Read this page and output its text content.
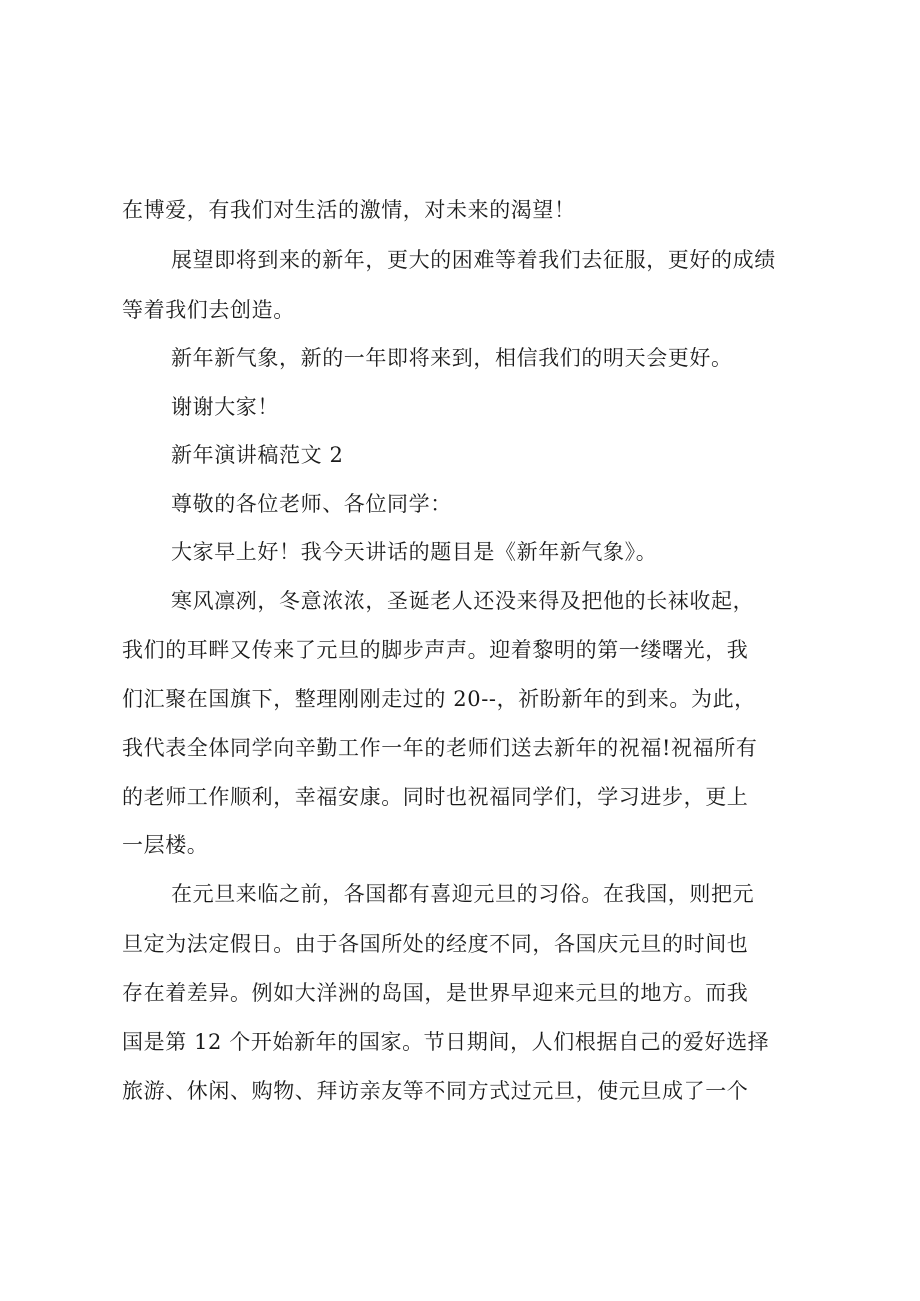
在博爱，有我们对生活的激情，对未来的渴望！
展望即将到来的新年，更大的困难等着我们去征服，更好的成绩
等着我们去创造。
新年新气象，新的一年即将来到，相信我们的明天会更好。
谢谢大家！
新年演讲稿范文 2
尊敬的各位老师、各位同学：
大家早上好！我今天讲话的题目是《新年新气象》。
寒风凛冽，冬意浓浓，圣诞老人还没来得及把他的长袜收起，
我们的耳畔又传来了元旦的脚步声声。迎着黎明的第一缕曙光，我
们汇聚在国旗下，整理刚刚走过的 20--，祈盼新年的到来。为此，
我代表全体同学向辛勤工作一年的老师们送去新年的祝福!祝福所有
的老师工作顺利，幸福安康。同时也祝福同学们，学习进步，更上
一层楼。
在元旦来临之前，各国都有喜迎元旦的习俗。在我国，则把元
旦定为法定假日。由于各国所处的经度不同，各国庆元旦的时间也
存在着差异。例如大洋洲的岛国，是世界早迎来元旦的地方。而我
国是第 12 个开始新年的国家。节日期间，人们根据自己的爱好选择
旅游、休闲、购物、拜访亲友等不同方式过元旦，使元旦成了一个
